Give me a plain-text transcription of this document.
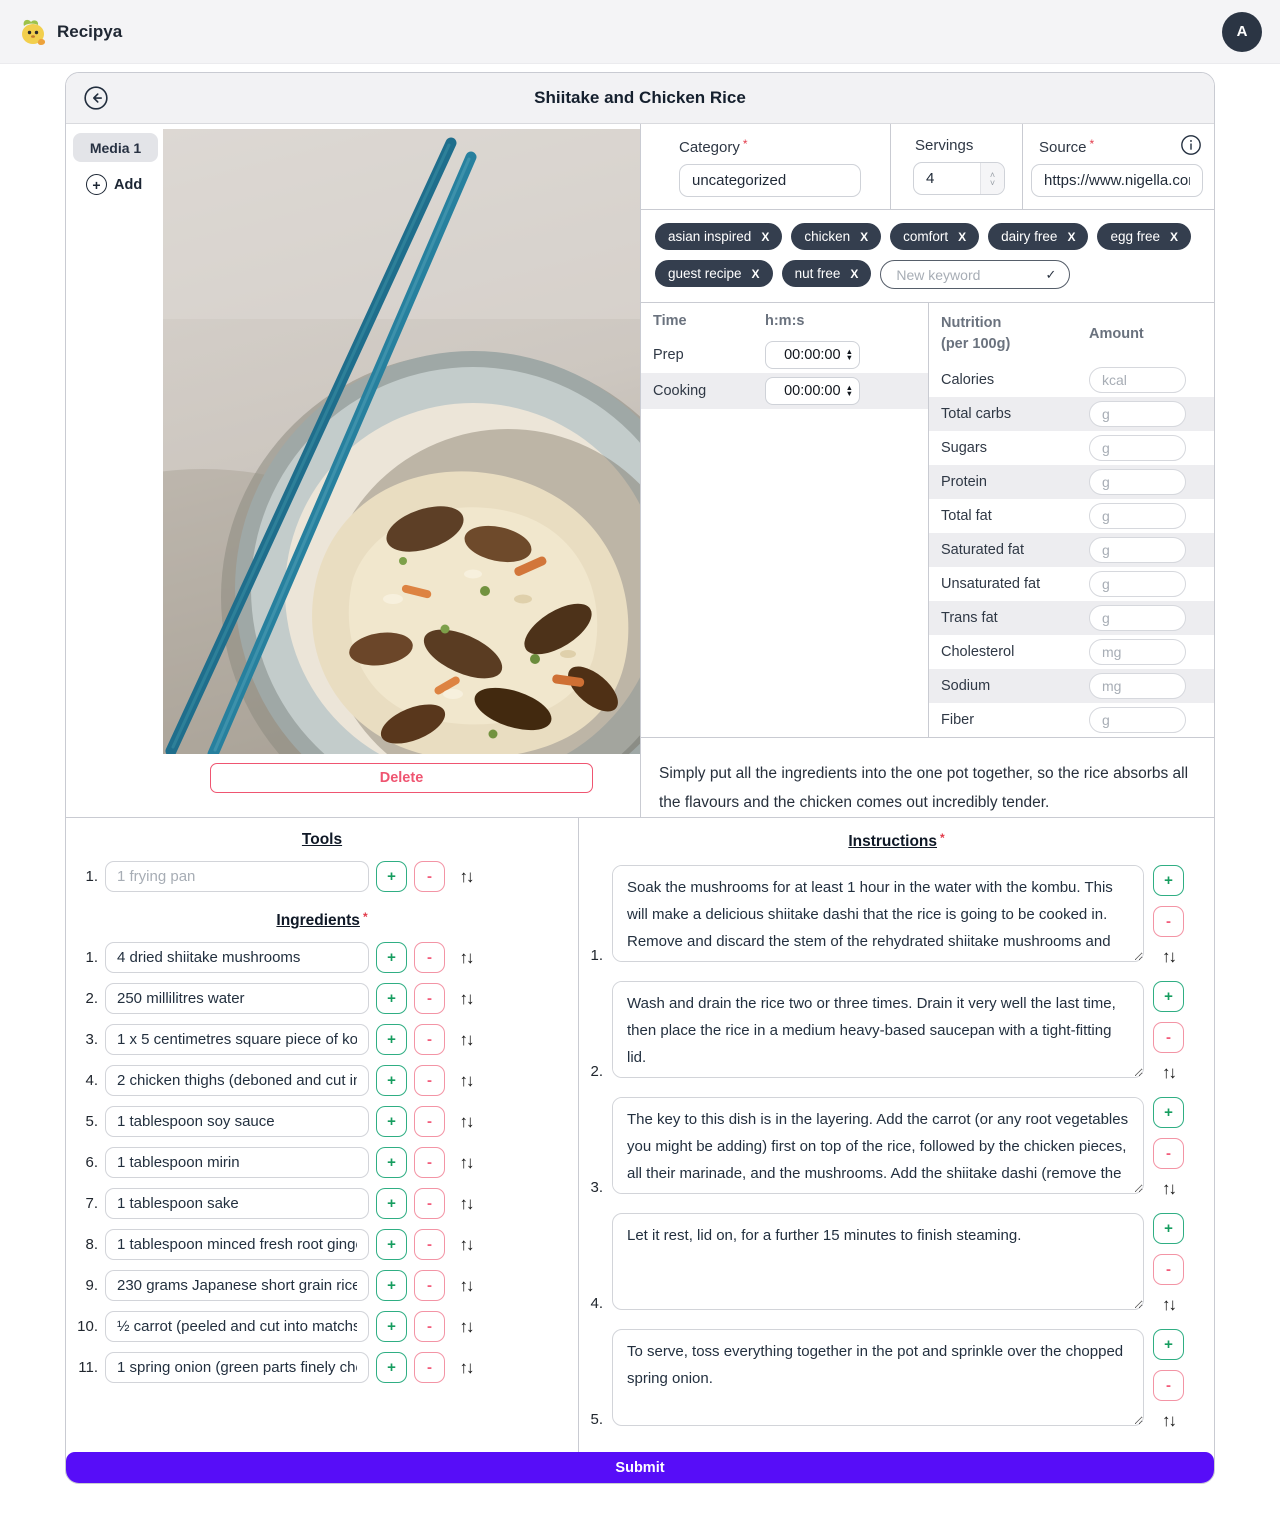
Recipya	A
Shiitake and Chicken Rice
Media 1
+ Add
Delete
Category *
uncategorized	Servings
4	˄
˅
Source *
https://www.nigella.com
asian inspired X	chicken X	comfort X	dairy free X	egg free X
guest recipe X	nut free X
New keyword	✓
Time	h:m:s
Prep	00:00:00 ▲
▼

Cooking	00:00:00 ▲
▼
Nutrition
(per 100g)	Amount
Calories	kcal
Total carbs	g
Sugars	g
Protein	g
Total fat	g
Saturated fat	g
Unsaturated fat	g
Trans fat	g
Cholesterol	mg
Sodium	mg
Fiber	g
Simply put all the ingredients into the one pot together, so the rice absorbs all the flavours and the chicken comes out incredibly tender.
Tools
1.
1 frying pan	+	-	↑↓
Ingredients *
1.
4 dried shiitake mushrooms	+	-	↑↓
2.
250 millilitres water	+	-	↑↓
3.
1 x 5 centimetres square piece of kombu	+	-	↑↓
4.
2 chicken thighs (deboned and cut into pieces)	+	-	↑↓
5.
1 tablespoon soy sauce	+	-	↑↓
6.
1 tablespoon mirin	+	-	↑↓
7.
1 tablespoon sake	+	-	↑↓
8.
1 tablespoon minced fresh root ginger	+	-	↑↓
9.
230 grams Japanese short grain rice	+	-	↑↓
10.
½ carrot (peeled and cut into matchsticks)	+	-	↑↓
11.
1 spring onion (green parts finely chopped)	+	-	↑↓
Instructions *
1.
Soak the mushrooms for at least 1 hour in the water with the kombu. This will make a delicious shiitake dashi that the rice is going to be cooked in. Remove and discard the stem of the rehydrated shiitake mushrooms and
+
-
↑↓
2.
Wash and drain the rice two or three times. Drain it very well the last time, then place the rice in a medium heavy-based saucepan with a tight-fitting lid.
+
-
↑↓
3.
The key to this dish is in the layering. Add the carrot (or any root vegetables you might be adding) first on top of the rice, followed by the chicken pieces, all their marinade, and the mushrooms. Add the shiitake dashi (remove the
+
-
↑↓
4.
Let it rest, lid on, for a further 15 minutes to finish steaming.
+
-
↑↓
5.
To serve, toss everything together in the pot and sprinkle over the chopped spring onion.
+
-
↑↓
Submit
